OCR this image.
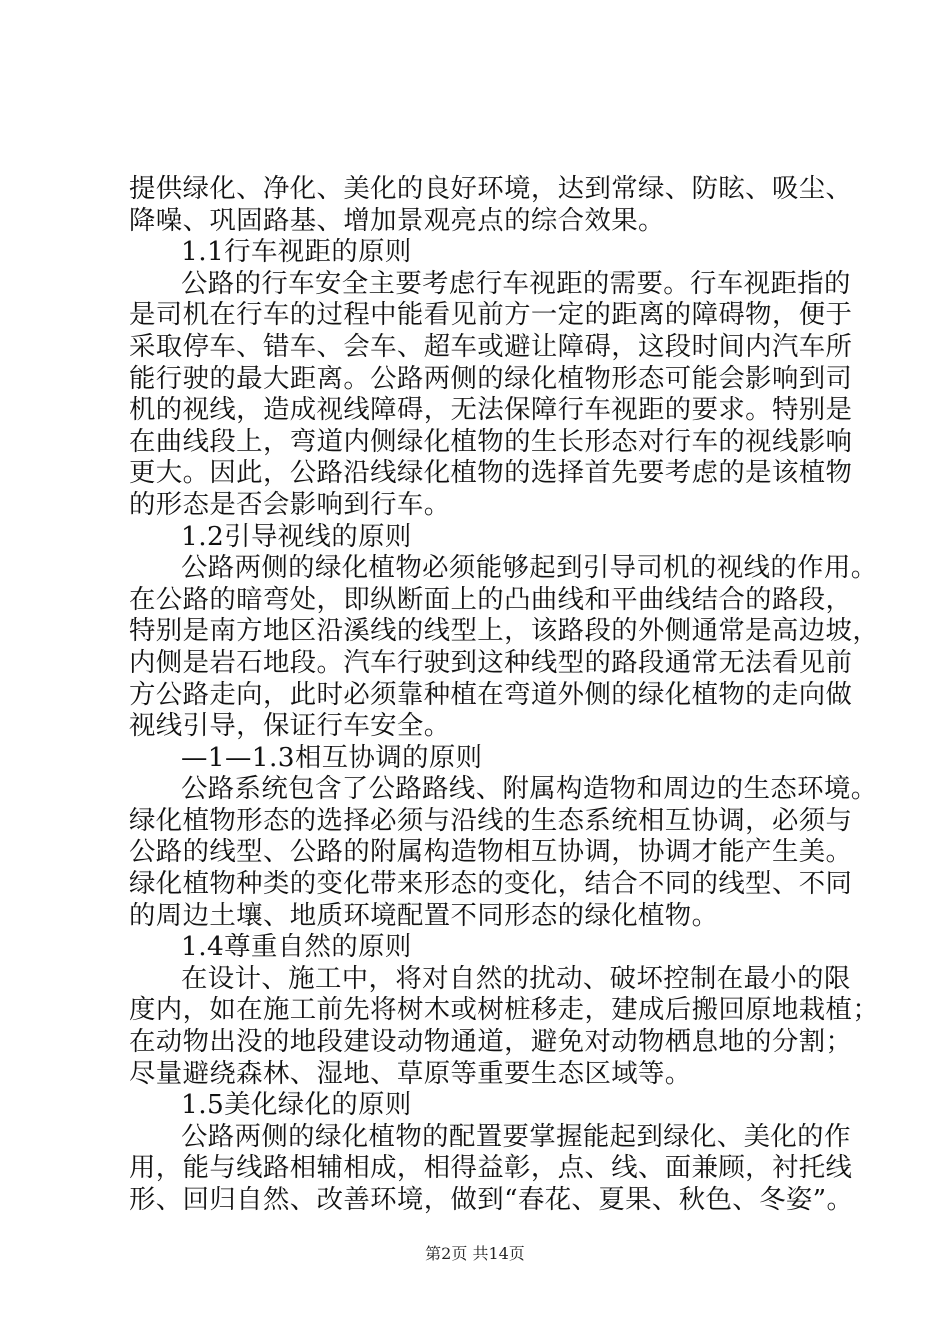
提供绿化、净化、美化的良好环境，达到常绿、防眩、吸尘、
降噪、巩固路基、增加景观亮点的综合效果。
1.1行车视距的原则
公路的行车安全主要考虑行车视距的需要。行车视距指的
是司机在行车的过程中能看见前方一定的距离的障碍物，便于
采取停车、错车、会车、超车或避让障碍，这段时间内汽车所
能行驶的最大距离。公路两侧的绿化植物形态可能会影响到司
机的视线，造成视线障碍，无法保障行车视距的要求。特别是
在曲线段上，弯道内侧绿化植物的生长形态对行车的视线影响
更大。因此，公路沿线绿化植物的选择首先要考虑的是该植物
的形态是否会影响到行车。
1.2引导视线的原则
公路两侧的绿化植物必须能够起到引导司机的视线的作用。
在公路的暗弯处，即纵断面上的凸曲线和平曲线结合的路段，
特别是南方地区沿溪线的线型上，该路段的外侧通常是高边坡，
内侧是岩石地段。汽车行驶到这种线型的路段通常无法看见前
方公路走向，此时必须靠种植在弯道外侧的绿化植物的走向做
视线引导，保证行车安全。
—1—1.3相互协调的原则
公路系统包含了公路路线、附属构造物和周边的生态环境。
绿化植物形态的选择必须与沿线的生态系统相互协调，必须与
公路的线型、公路的附属构造物相互协调，协调才能产生美。
绿化植物种类的变化带来形态的变化，结合不同的线型、不同
的周边土壤、地质环境配置不同形态的绿化植物。
1.4尊重自然的原则
在设计、施工中，将对自然的扰动、破坏控制在最小的限
度内，如在施工前先将树木或树桩移走，建成后搬回原地栽植；
在动物出没的地段建设动物通道，避免对动物栖息地的分割；
尽量避绕森林、湿地、草原等重要生态区域等。
1.5美化绿化的原则
公路两侧的绿化植物的配置要掌握能起到绿化、美化的作
用，能与线路相辅相成，相得益彰，点、线、面兼顾，衬托线
形、回归自然、改善环境，做到“春花、夏果、秋色、冬姿”。
第2页 共14页
